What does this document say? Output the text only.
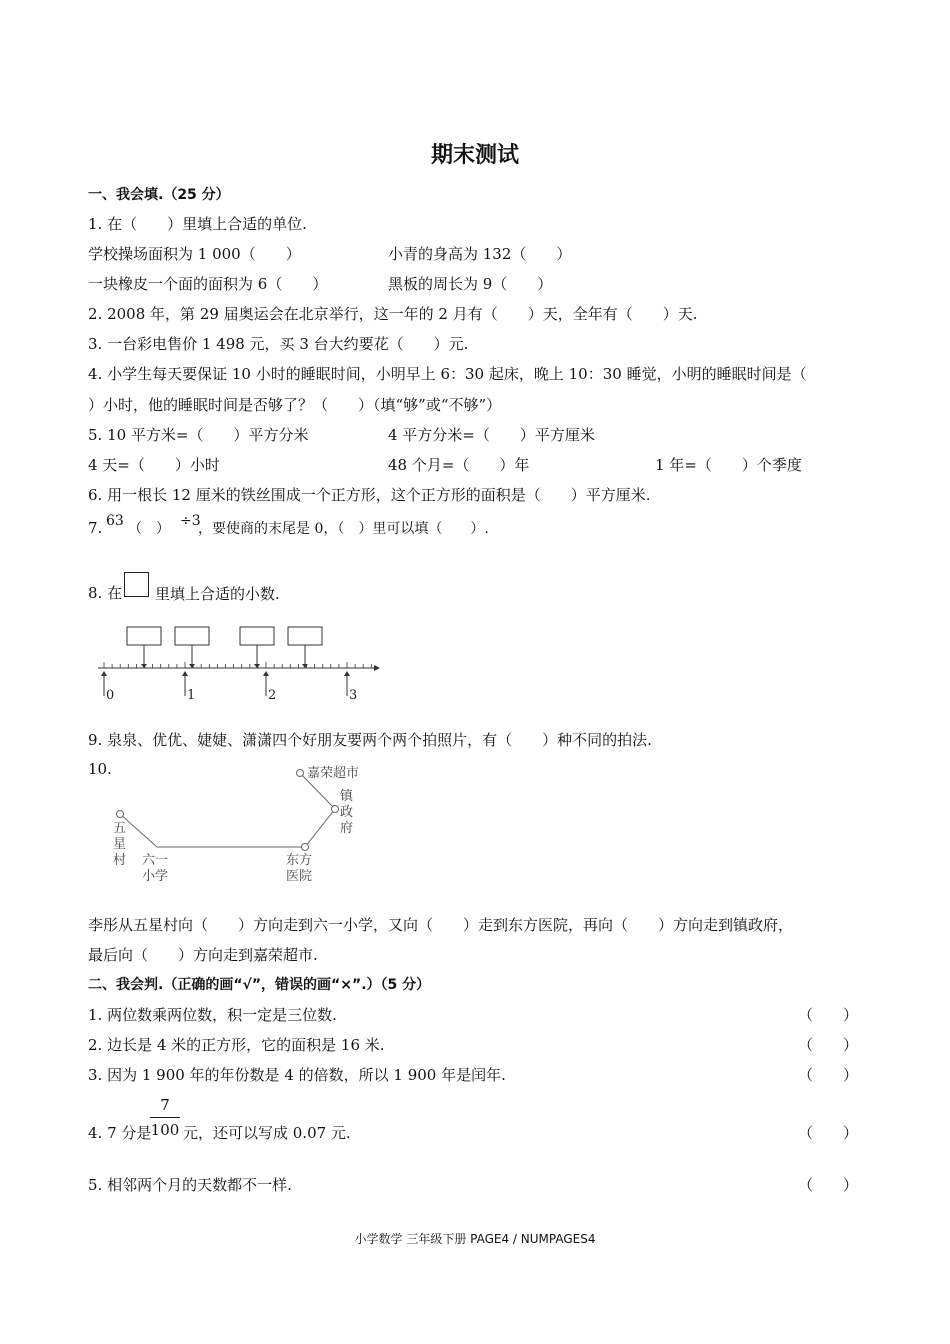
期末测试
一、我会填.（25 分）
1. 在（　　）里填上合适的单位.
学校操场面积为 1 000（　　）	小青的身高为 132（　　）
一块橡皮一个面的面积为 6（　　）	黑板的周长为 9（　　）
2. 2008 年，第 29 届奥运会在北京举行，这一年的 2 月有（　　）天，全年有（　　）天.
3. 一台彩电售价 1 498 元，买 3 台大约要花（　　）元.
4. 小学生每天要保证 10 小时的睡眠时间，小明早上 6：30 起床，晚上 10：30 睡觉，小明的睡眠时间是（
）小时，他的睡眠时间是否够了？（　　）（填“够”或“不够”）
5. 10 平方米=（　　）平方分米	4 平方分米=（　　）平方厘米
4 天=（　　）小时	48 个月=（　　）年	1 年=（　　）个季度
6. 用一根长 12 厘米的铁丝围成一个正方形，这个正方形的面积是（　　）平方厘米.
7. 63 （　） ÷3
，要使商的末尾是 0，（　）里可以填（　　）.
8. 在 里填上合适的小数.
0	1	2	3
9. 泉泉、优优、婕婕、潇潇四个好朋友要两个两个拍照片，有（　　）种不同的拍法.
10.	嘉荣超市
镇
政
府
五
星
村 六一
小学
东方
医院
李彤从五星村向（　　）方向走到六一小学，又向（　　）走到东方医院，再向（　　）方向走到镇政府，
最后向（　　）方向走到嘉荣超市.
二、我会判.（正确的画“√”，错误的画“×”.）（5 分）
1. 两位数乘两位数，积一定是三位数.	（　　）
2. 边长是 4 米的正方形，它的面积是 16 米.	（　　）
3. 因为 1 900 年的年份数是 4 的倍数，所以 1 900 年是闰年.	（　　）
4. 7 分是
7
100 元，还可以写成 0.07 元.	（　　）
5. 相邻两个月的天数都不一样.	（　　）
小学数学 三年级下册 PAGE4 / NUMPAGES4
